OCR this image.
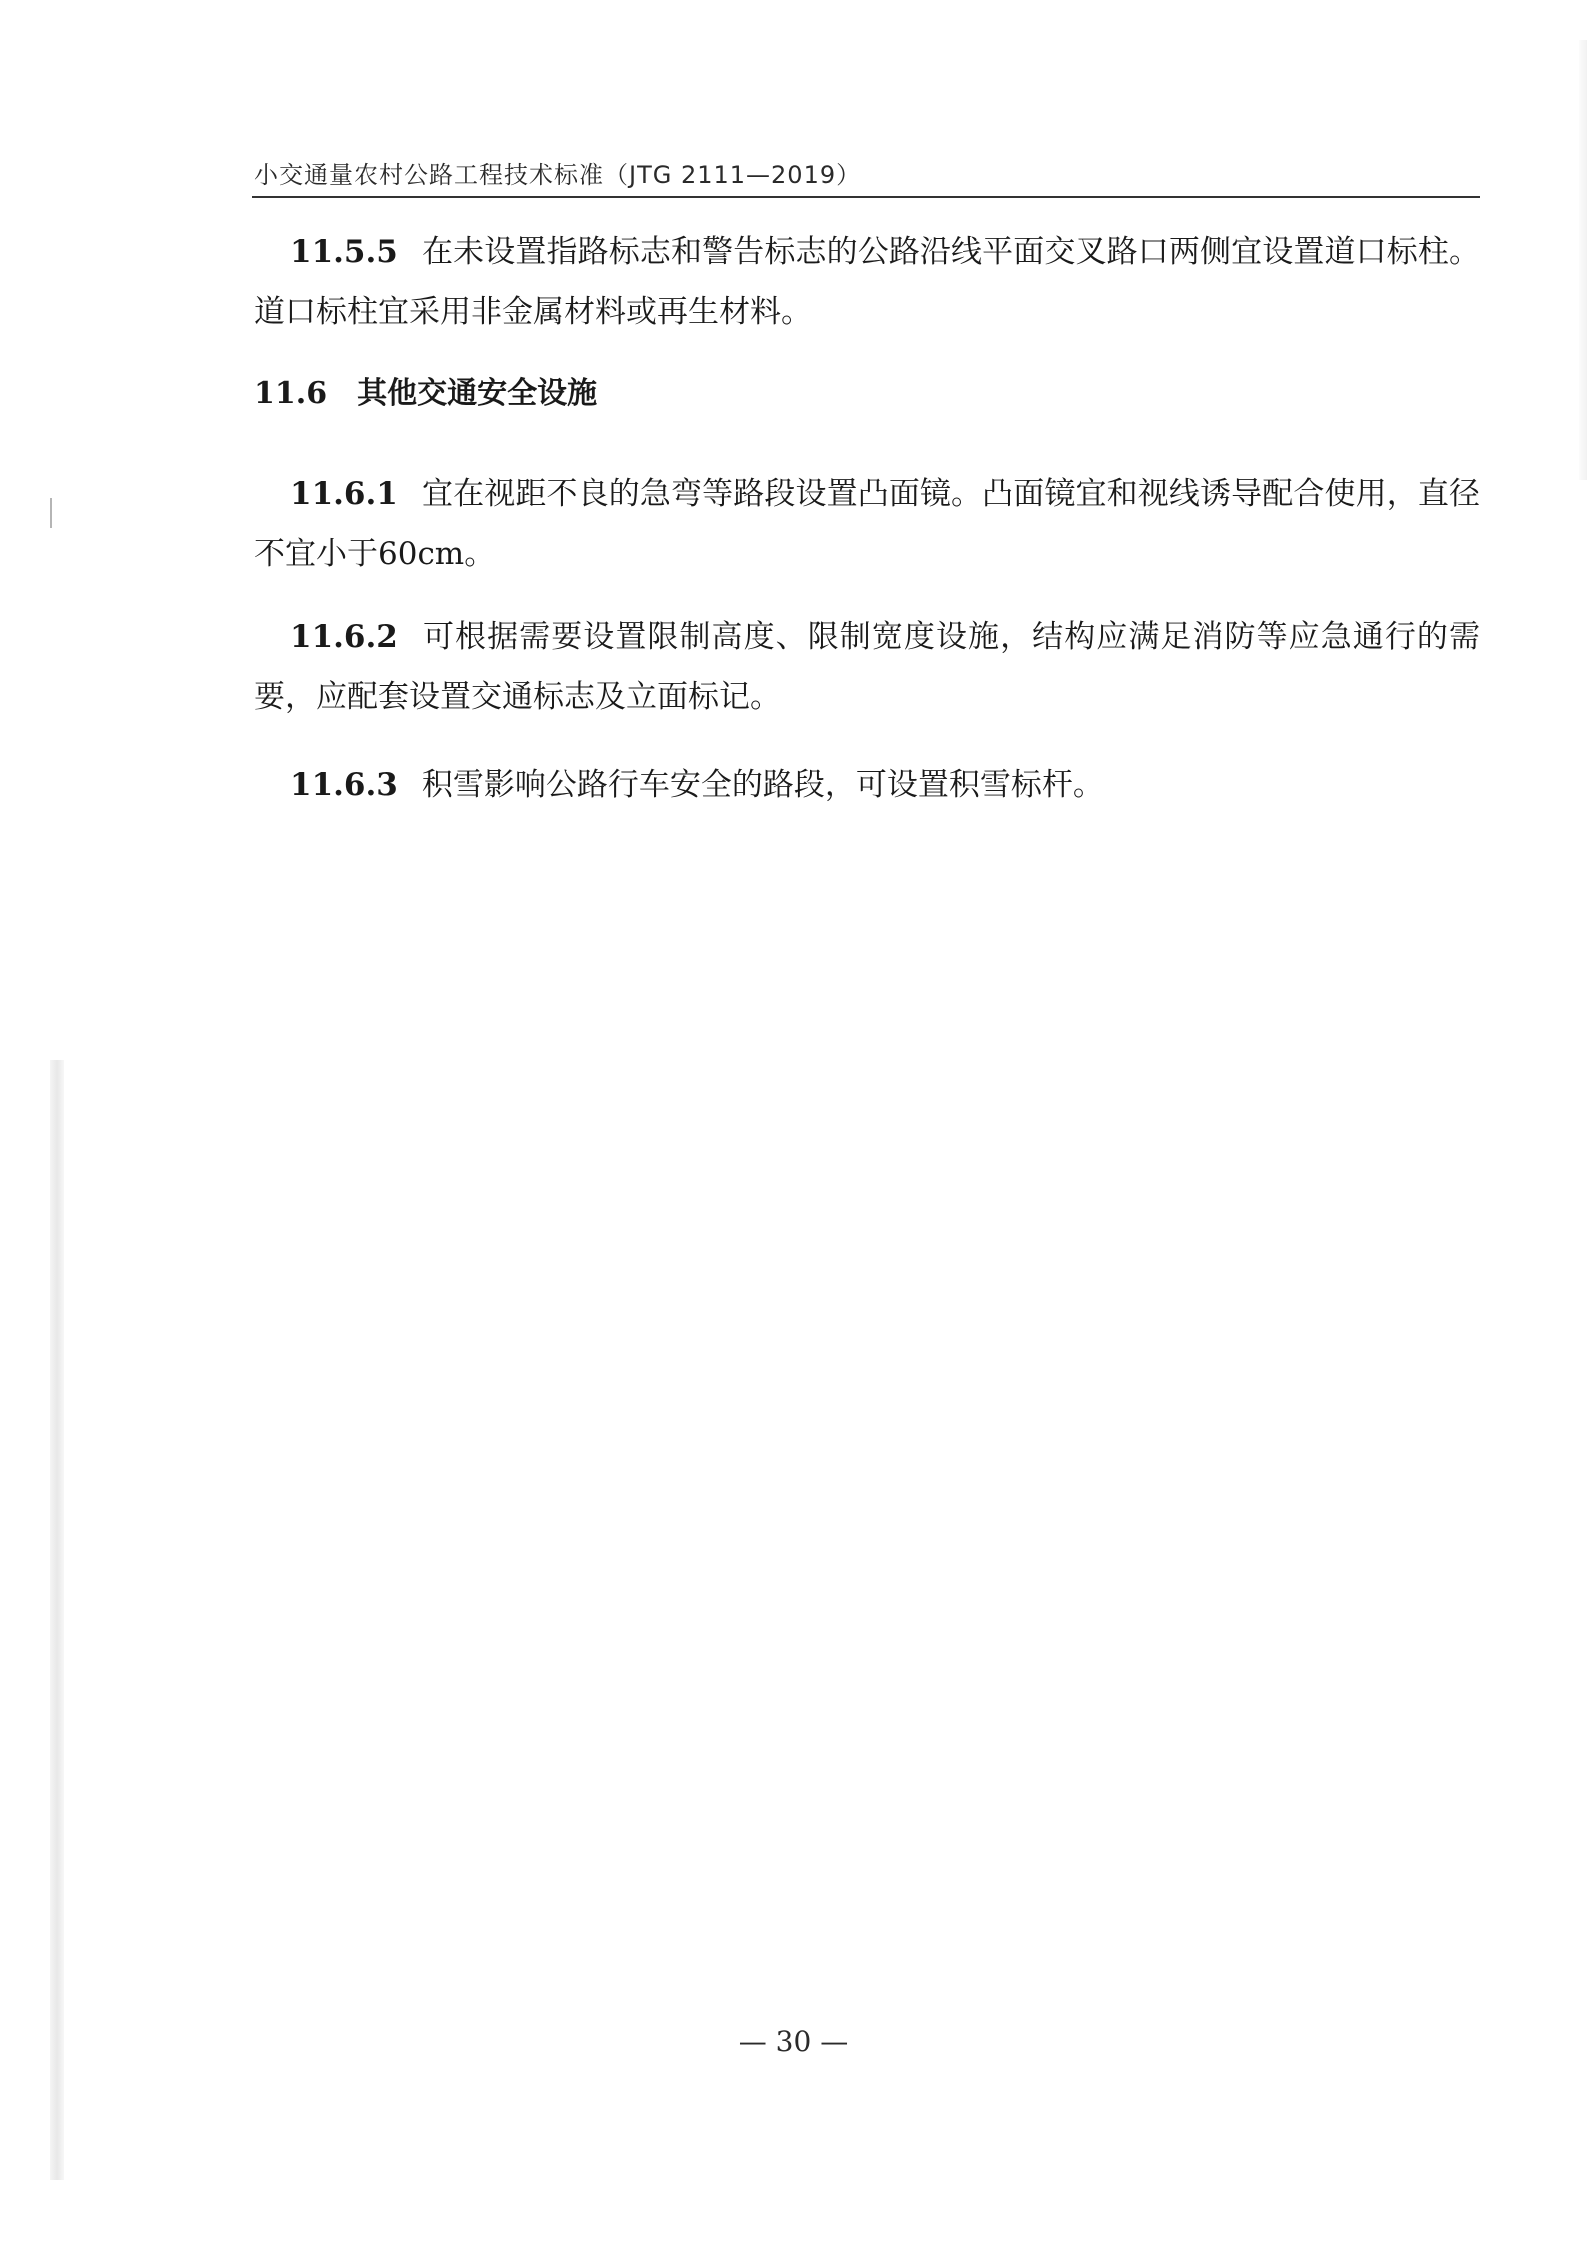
小交通量农村公路工程技术标准（JTG 2111—2019）

11.5.5 在未设置指路标志和警告标志的公路沿线平面交叉路口两侧宜设置道口标柱。道口标柱宜采用非金属材料或再生材料。

11.6 其他交通安全设施

11.6.1 宜在视距不良的急弯等路段设置凸面镜。凸面镜宜和视线诱导配合使用，直径不宜小于60cm。

11.6.2 可根据需要设置限制高度、限制宽度设施，结构应满足消防等应急通行的需要，应配套设置交通标志及立面标记。

11.6.3 积雪影响公路行车安全的路段，可设置积雪标杆。

— 30 —
